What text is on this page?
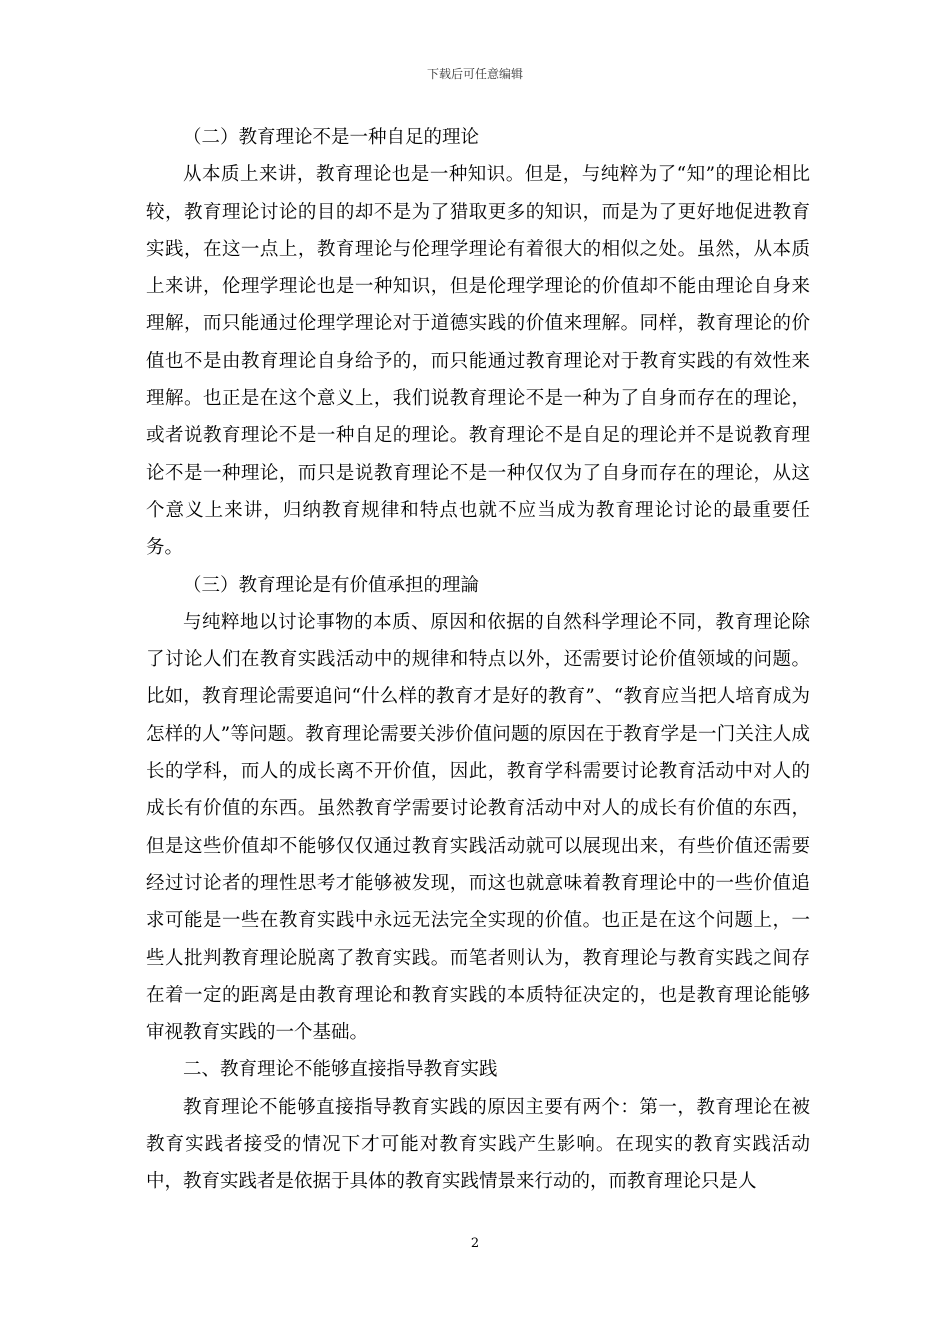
下载后可任意编辑

（二）教育理论不是一种自足的理论

从本质上来讲，教育理论也是一种知识。但是，与纯粹为了“知”的理论相比较，教育理论讨论的目的却不是为了猎取更多的知识，而是为了更好地促进教育实践，在这一点上，教育理论与伦理学理论有着很大的相似之处。虽然，从本质上来讲，伦理学理论也是一种知识，但是伦理学理论的价值却不能由理论自身来理解，而只能通过伦理学理论对于道德实践的价值来理解。同样，教育理论的价值也不是由教育理论自身给予的，而只能通过教育理论对于教育实践的有效性来理解。也正是在这个意义上，我们说教育理论不是一种为了自身而存在的理论，或者说教育理论不是一种自足的理论。教育理论不是自足的理论并不是说教育理论不是一种理论，而只是说教育理论不是一种仅仅为了自身而存在的理论，从这个意义上来讲，归纳教育规律和特点也就不应当成为教育理论讨论的最重要任务。

（三）教育理论是有价值承担的理論

与纯粹地以讨论事物的本质、原因和依据的自然科学理论不同，教育理论除了讨论人们在教育实践活动中的规律和特点以外，还需要讨论价值领域的问题。比如，教育理论需要追问“什么样的教育才是好的教育”、“教育应当把人培育成为怎样的人”等问题。教育理论需要关涉价值问题的原因在于教育学是一门关注人成长的学科，而人的成长离不开价值，因此，教育学科需要讨论教育活动中对人的成长有价值的东西。虽然教育学需要讨论教育活动中对人的成长有价值的东西，但是这些价值却不能够仅仅通过教育实践活动就可以展现出来，有些价值还需要经过讨论者的理性思考才能够被发现，而这也就意味着教育理论中的一些价值追求可能是一些在教育实践中永远无法完全实现的价值。也正是在这个问题上，一些人批判教育理论脱离了教育实践。而笔者则认为，教育理论与教育实践之间存在着一定的距离是由教育理论和教育实践的本质特征决定的，也是教育理论能够审视教育实践的一个基础。

二、教育理论不能够直接指导教育实践

教育理论不能够直接指导教育实践的原因主要有两个：第一，教育理论在被教育实践者接受的情况下才可能对教育实践产生影响。在现实的教育实践活动中，教育实践者是依据于具体的教育实践情景来行动的，而教育理论只是人

2
